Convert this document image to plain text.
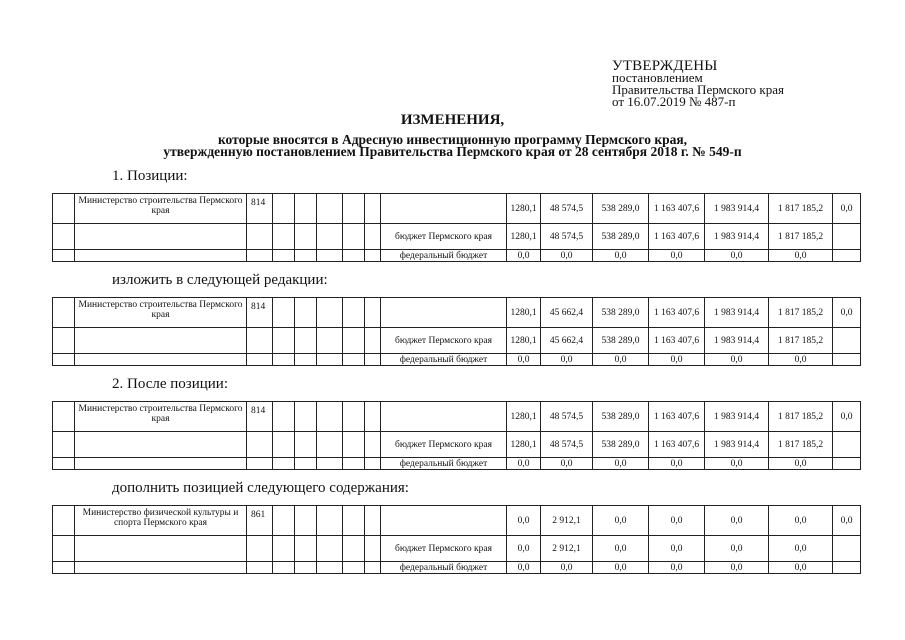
УТВЕРЖДЕНЫ
постановлением
Правительства Пермского края
от 16.07.2019 № 487-п
ИЗМЕНЕНИЯ,
которые вносятся в Адресную инвестиционную программу Пермского края,
утвержденную постановлением Правительства Пермского края от 28 сентября 2018 г. № 549-п
1. Позиции:
изложить в следующей редакции:
2. После позиции:
дополнить позицией следующего содержания:
	Министерство строительства Пермского края	814							1280,1	48 574,5	538 289,0	1 163 407,6	1 983 914,4	1 817 185,2	0,0
								бюджет Пермского края	1280,1	48 574,5	538 289,0	1 163 407,6	1 983 914,4	1 817 185,2	
								федеральный бюджет	0,0	0,0	0,0	0,0	0,0	0,0	
	Министерство строительства Пермского края	814							1280,1	45 662,4	538 289,0	1 163 407,6	1 983 914,4	1 817 185,2	0,0
								бюджет Пермского края	1280,1	45 662,4	538 289,0	1 163 407,6	1 983 914,4	1 817 185,2	
								федеральный бюджет	0,0	0,0	0,0	0,0	0,0	0,0	
	Министерство строительства Пермского края	814							1280,1	48 574,5	538 289,0	1 163 407,6	1 983 914,4	1 817 185,2	0,0
								бюджет Пермского края	1280,1	48 574,5	538 289,0	1 163 407,6	1 983 914,4	1 817 185,2	
								федеральный бюджет	0,0	0,0	0,0	0,0	0,0	0,0	
	Министерство физической культуры и спорта Пермского края	861							0,0	2 912,1	0,0	0,0	0,0	0,0	0,0
								бюджет Пермского края	0,0	2 912,1	0,0	0,0	0,0	0,0	
								федеральный бюджет	0,0	0,0	0,0	0,0	0,0	0,0	
